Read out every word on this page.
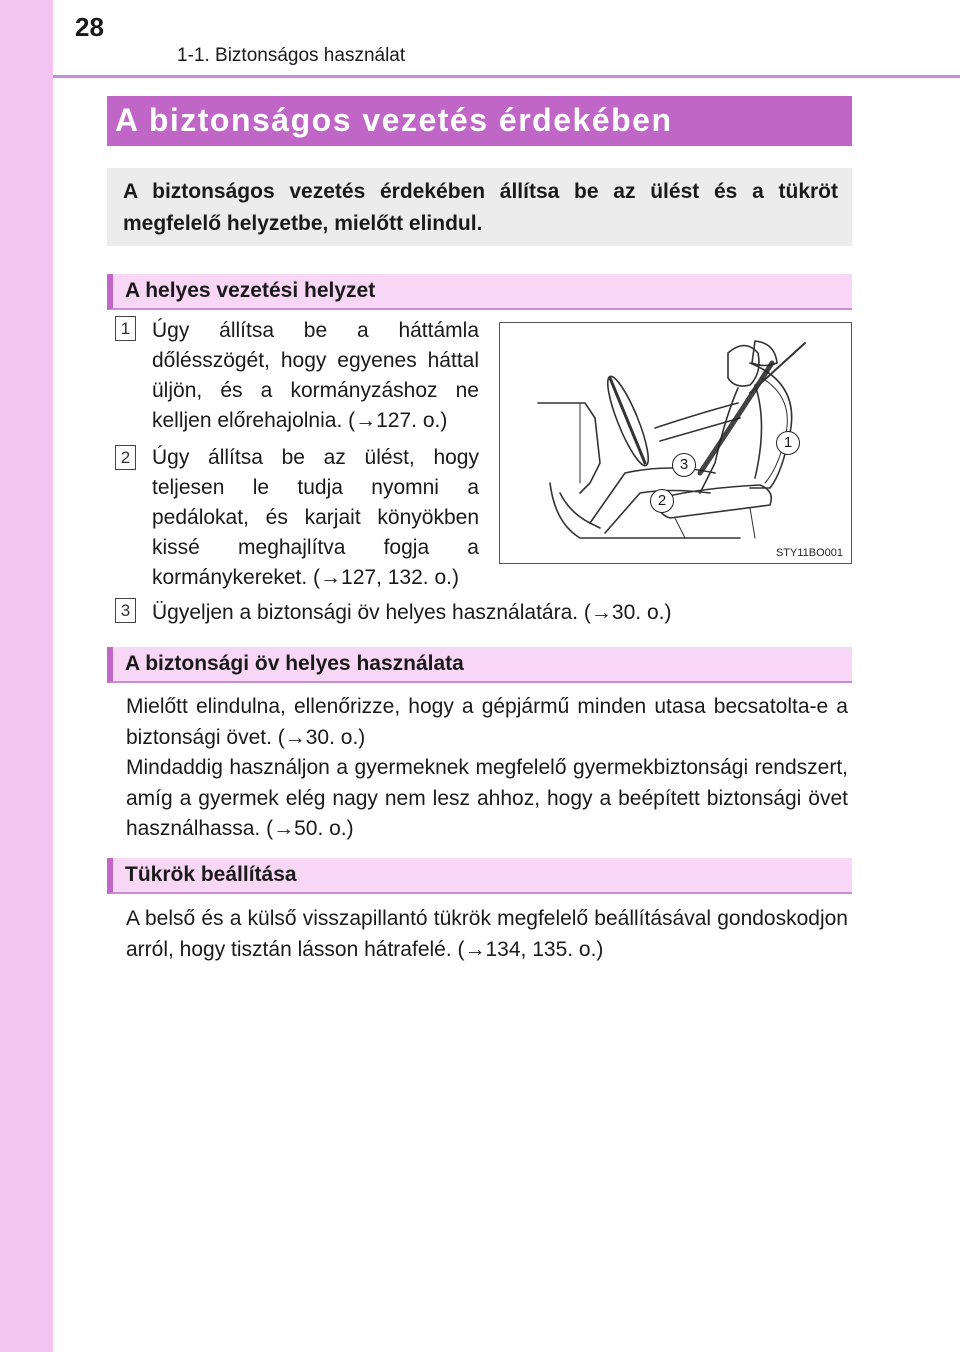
28
1-1. Biztonságos használat
A biztonságos vezetés érdekében
A biztonságos vezetés érdekében állítsa be az ülést és a tükröt megfelelő helyzetbe, mielőtt elindul.
A helyes vezetési helyzet
1 Úgy állítsa be a háttámla dőlésszögét, hogy egyenes háttal üljön, és a kormányzáshoz ne kelljen előrehajolnia. (→127. o.)
2 Úgy állítsa be az ülést, hogy teljesen le tudja nyomni a pedálokat, és karjait könyökben kissé meghajlítva fogja a kormánykereket. (→127, 132. o.)
3 Ügyeljen a biztonsági öv helyes használatára. (→30. o.)
1
2
3
STY11BO001
A biztonsági öv helyes használata
Mielőtt elindulna, ellenőrizze, hogy a gépjármű minden utasa becsatolta-e a biztonsági övet. (→30. o.)
Mindaddig használjon a gyermeknek megfelelő gyermekbiztonsági rendszert, amíg a gyermek elég nagy nem lesz ahhoz, hogy a beépített biztonsági övet használhassa. (→50. o.)
Tükrök beállítása
A belső és a külső visszapillantó tükrök megfelelő beállításával gondoskodjon arról, hogy tisztán lásson hátrafelé. (→134, 135. o.)
